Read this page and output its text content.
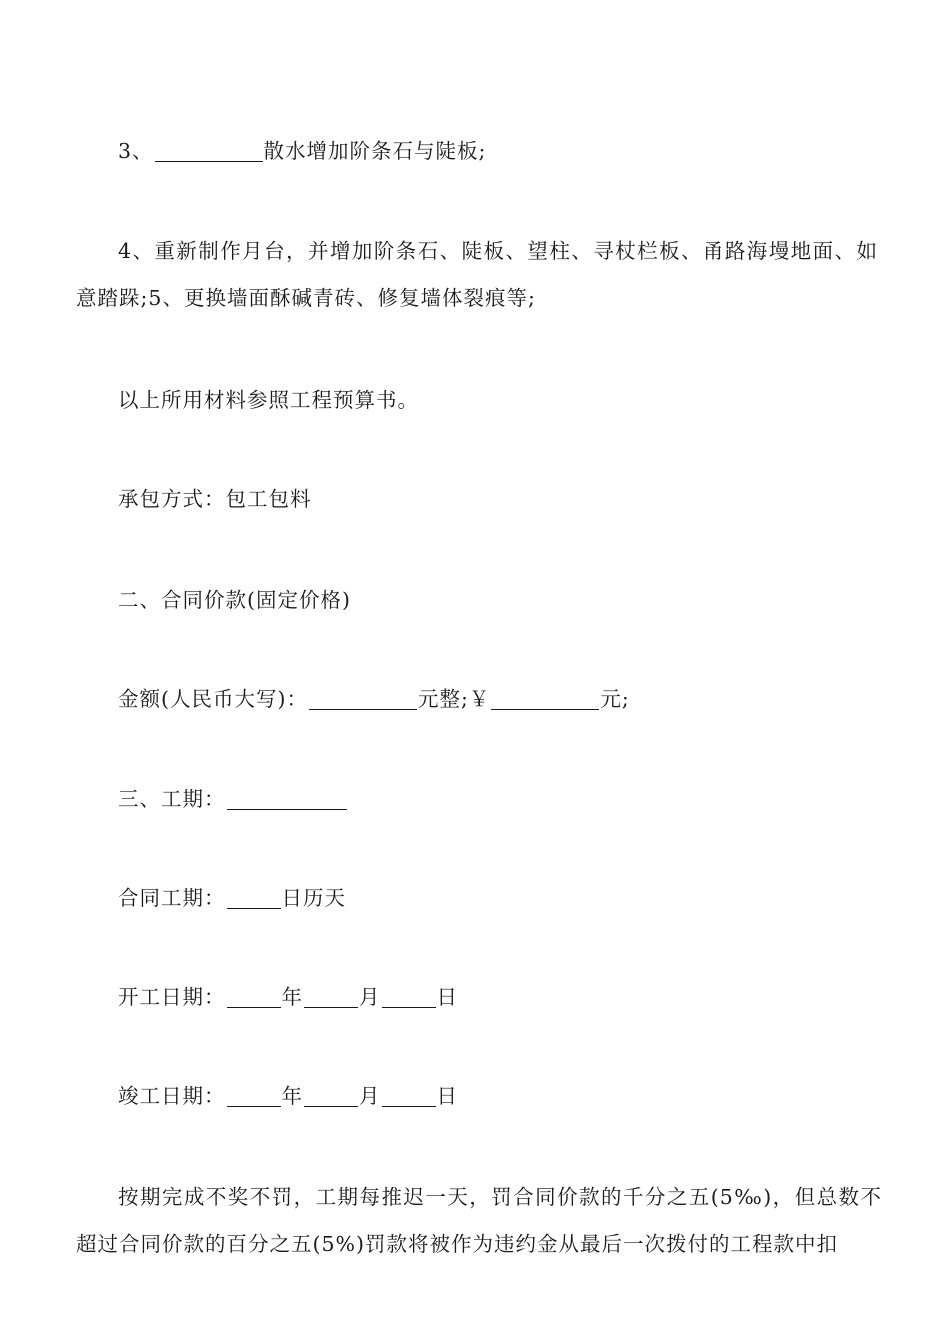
3、	散水增加阶条石与陡板;

4、重新制作月台，并增加阶条石、陡板、望柱、寻杖栏板、甬路海墁地面、如意踏跺;5、更换墙面酥碱青砖、修复墙体裂痕等;

以上所用材料参照工程预算书。

承包方式：包工包料

二、合同价款(固定价格)

金额(人民币大写)：	元整;￥	元;

三、工期：

合同工期：	日历天

开工日期：	年	月	日

竣工日期：	年	月	日

按期完成不奖不罚，工期每推迟一天，罚合同价款的千分之五(5‰)，但总数不超过合同价款的百分之五(5%)罚款将被作为违约金从最后一次拨付的工程款中扣
